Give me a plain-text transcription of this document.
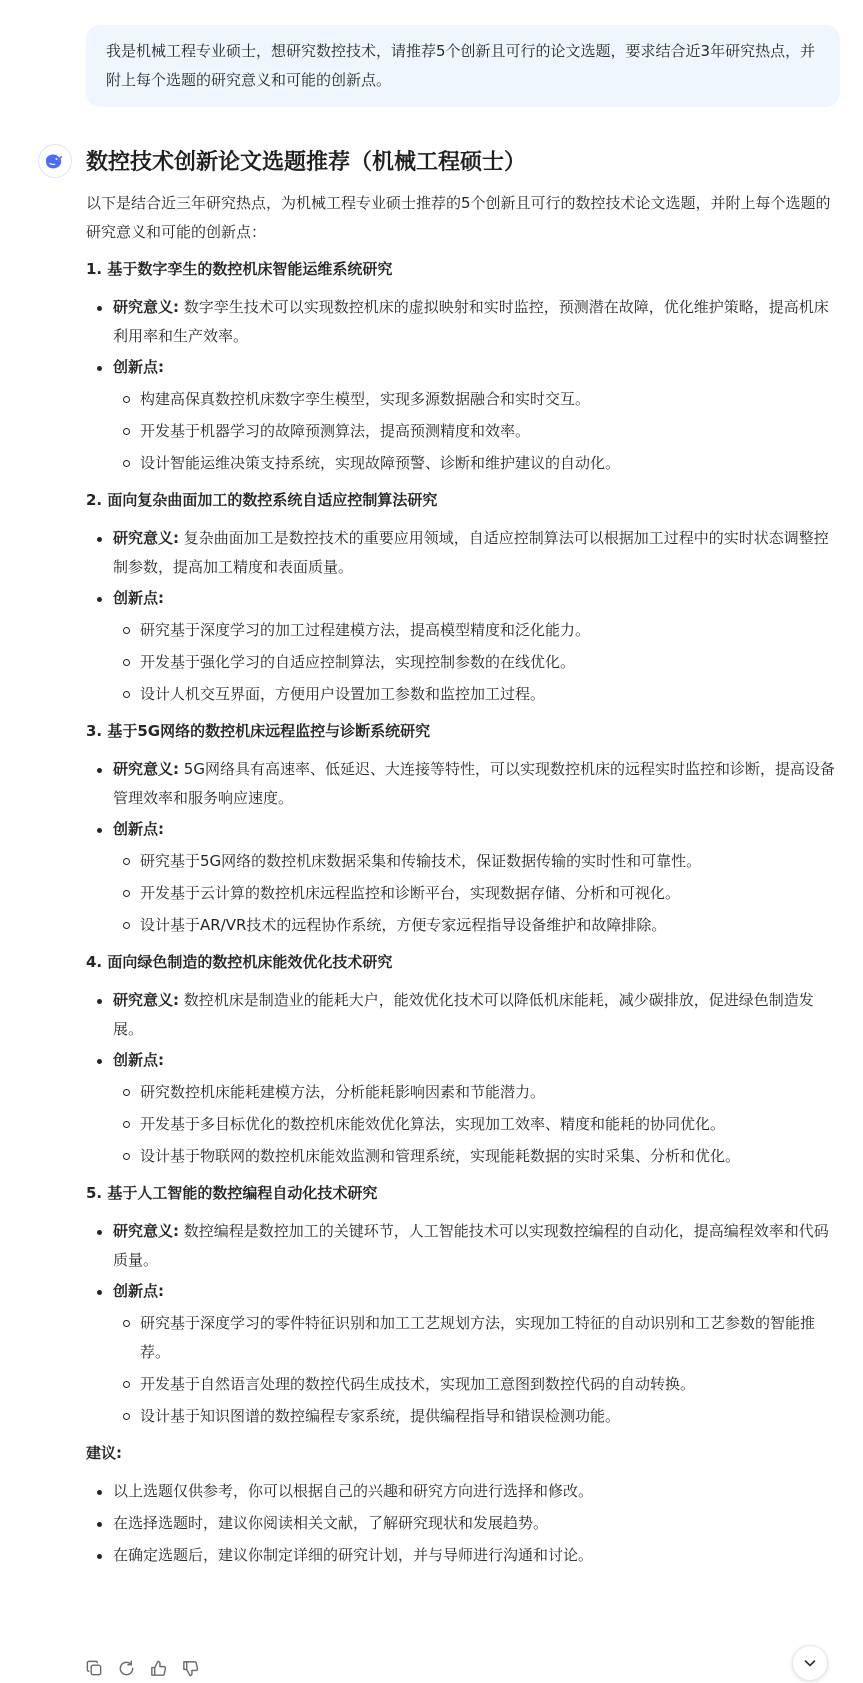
我是机械工程专业硕士，想研究数控技术，请推荐5个创新且可行的论文选题，要求结合近3年研究热点，并附上每个选题的研究意义和可能的创新点。
数控技术创新论文选题推荐（机械工程硕士）

以下是结合近三年研究热点，为机械工程专业硕士推荐的5个创新且可行的数控技术论文选题，并附上每个选题的研究意义和可能的创新点：

1. 基于数字孪生的数控机床智能运维系统研究
研究意义: 数字孪生技术可以实现数控机床的虚拟映射和实时监控，预测潜在故障，优化维护策略，提高机床利用率和生产效率。
创新点:
构建高保真数控机床数字孪生模型，实现多源数据融合和实时交互。
开发基于机器学习的故障预测算法，提高预测精度和效率。
设计智能运维决策支持系统，实现故障预警、诊断和维护建议的自动化。
2. 面向复杂曲面加工的数控系统自适应控制算法研究
研究意义: 复杂曲面加工是数控技术的重要应用领域，自适应控制算法可以根据加工过程中的实时状态调整控制参数，提高加工精度和表面质量。
创新点:
研究基于深度学习的加工过程建模方法，提高模型精度和泛化能力。
开发基于强化学习的自适应控制算法，实现控制参数的在线优化。
设计人机交互界面，方便用户设置加工参数和监控加工过程。
3. 基于5G网络的数控机床远程监控与诊断系统研究
研究意义: 5G网络具有高速率、低延迟、大连接等特性，可以实现数控机床的远程实时监控和诊断，提高设备管理效率和服务响应速度。
创新点:
研究基于5G网络的数控机床数据采集和传输技术，保证数据传输的实时性和可靠性。
开发基于云计算的数控机床远程监控和诊断平台，实现数据存储、分析和可视化。
设计基于AR/VR技术的远程协作系统，方便专家远程指导设备维护和故障排除。
4. 面向绿色制造的数控机床能效优化技术研究
研究意义: 数控机床是制造业的能耗大户，能效优化技术可以降低机床能耗，减少碳排放，促进绿色制造发展。
创新点:
研究数控机床能耗建模方法，分析能耗影响因素和节能潜力。
开发基于多目标优化的数控机床能效优化算法，实现加工效率、精度和能耗的协同优化。
设计基于物联网的数控机床能效监测和管理系统，实现能耗数据的实时采集、分析和优化。
5. 基于人工智能的数控编程自动化技术研究
研究意义: 数控编程是数控加工的关键环节，人工智能技术可以实现数控编程的自动化，提高编程效率和代码质量。
创新点:
研究基于深度学习的零件特征识别和加工工艺规划方法，实现加工特征的自动识别和工艺参数的智能推荐。
开发基于自然语言处理的数控代码生成技术，实现加工意图到数控代码的自动转换。
设计基于知识图谱的数控编程专家系统，提供编程指导和错误检测功能。
建议:
以上选题仅供参考，你可以根据自己的兴趣和研究方向进行选择和修改。
在选择选题时，建议你阅读相关文献，了解研究现状和发展趋势。
在确定选题后，建议你制定详细的研究计划，并与导师进行沟通和讨论。
